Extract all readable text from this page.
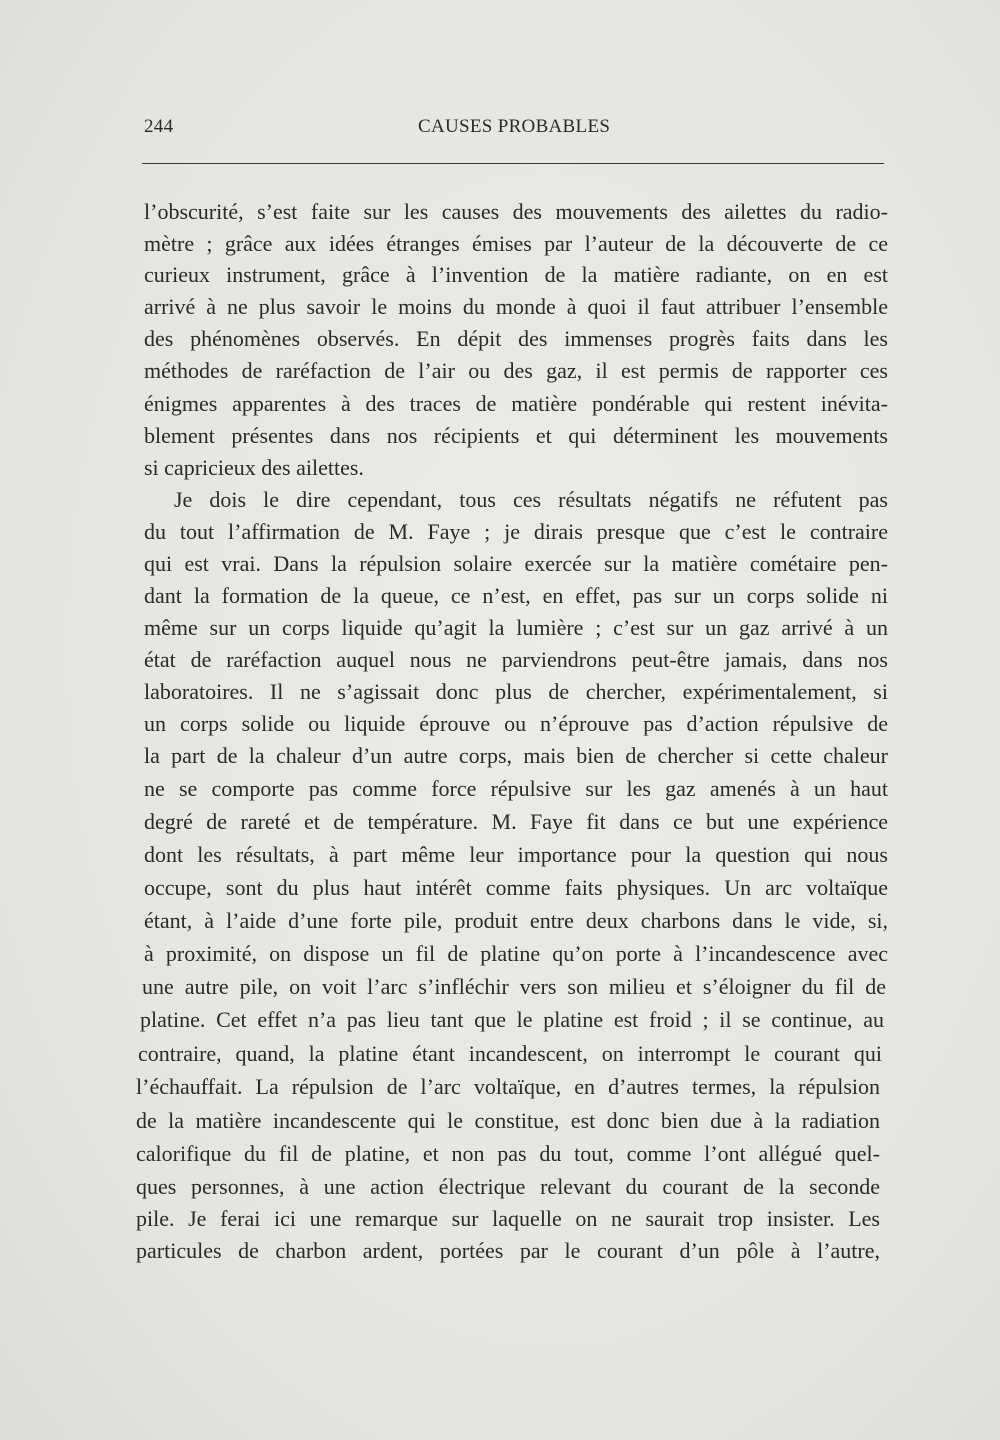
244	CAUSES PROBABLES
l’obscurité, s’est faite sur les causes des mouvements des ailettes du radio-
mètre ; grâce aux idées étranges émises par l’auteur de la découverte de ce
curieux instrument, grâce à l’invention de la matière radiante, on en est
arrivé à ne plus savoir le moins du monde à quoi il faut attribuer l’ensemble
des phénomènes observés. En dépit des immenses progrès faits dans les
méthodes de raréfaction de l’air ou des gaz, il est permis de rapporter ces
énigmes apparentes à des traces de matière pondérable qui restent inévita-
blement présentes dans nos récipients et qui déterminent les mouvements
si capricieux des ailettes.
Je dois le dire cependant, tous ces résultats négatifs ne réfutent pas
du tout l’affirmation de M. Faye ; je dirais presque que c’est le contraire
qui est vrai. Dans la répulsion solaire exercée sur la matière cométaire pen-
dant la formation de la queue, ce n’est, en effet, pas sur un corps solide ni
même sur un corps liquide qu’agit la lumière ; c’est sur un gaz arrivé à un
état de raréfaction auquel nous ne parviendrons peut-être jamais, dans nos
laboratoires. Il ne s’agissait donc plus de chercher, expérimentalement, si
un corps solide ou liquide éprouve ou n’éprouve pas d’action répulsive de
la part de la chaleur d’un autre corps, mais bien de chercher si cette chaleur
ne se comporte pas comme force répulsive sur les gaz amenés à un haut
degré de rareté et de température. M. Faye fit dans ce but une expérience
dont les résultats, à part même leur importance pour la question qui nous
occupe, sont du plus haut intérêt comme faits physiques. Un arc voltaïque
étant, à l’aide d’une forte pile, produit entre deux charbons dans le vide, si,
à proximité, on dispose un fil de platine qu’on porte à l’incandescence avec
une autre pile, on voit l’arc s’infléchir vers son milieu et s’éloigner du fil de
platine. Cet effet n’a pas lieu tant que le platine est froid ; il se continue, au
contraire, quand, la platine étant incandescent, on interrompt le courant qui
l’échauffait. La répulsion de l’arc voltaïque, en d’autres termes, la répulsion
de la matière incandescente qui le constitue, est donc bien due à la radiation
calorifique du fil de platine, et non pas du tout, comme l’ont allégué quel-
ques personnes, à une action électrique relevant du courant de la seconde
pile. Je ferai ici une remarque sur laquelle on ne saurait trop insister. Les
particules de charbon ardent, portées par le courant d’un pôle à l’autre,
